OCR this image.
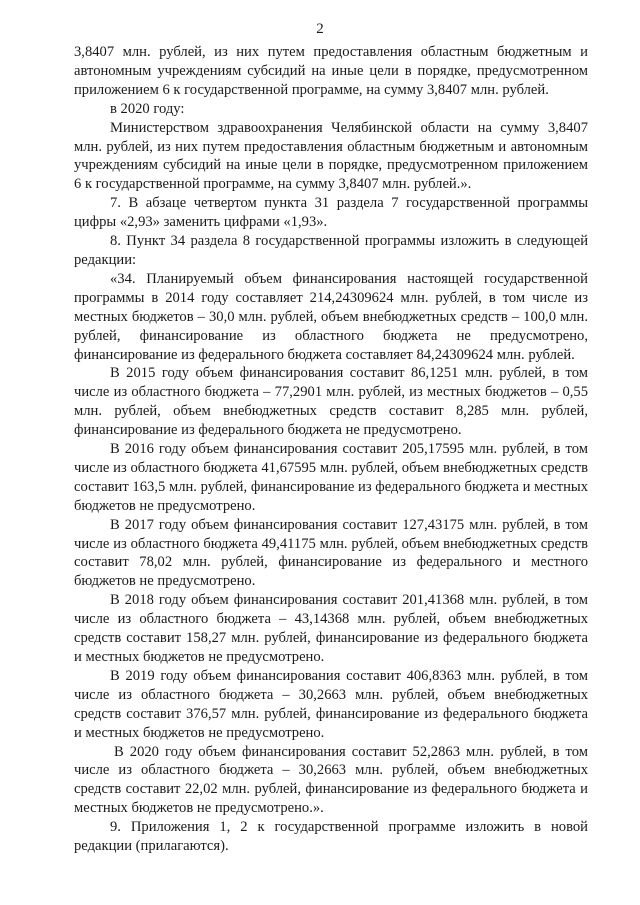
2

3,8407 млн. рублей, из них путем предоставления областным бюджетным и автономным учреждениям субсидий на иные цели в порядке, предусмотренном приложением 6 к государственной программе, на сумму 3,8407 млн. рублей.

в 2020 году:

Министерством здравоохранения Челябинской области на сумму 3,8407 млн. рублей, из них путем предоставления областным бюджетным и автономным учреждениям субсидий на иные цели в порядке, предусмотренном приложением 6 к государственной программе, на сумму 3,8407 млн. рублей.».

7. В абзаце четвертом пункта 31 раздела 7 государственной программы цифры «2,93» заменить цифрами «1,93».

8. Пункт 34 раздела 8 государственной программы изложить в следующей редакции:

«34. Планируемый объем финансирования настоящей государственной программы в 2014 году составляет 214,24309624 млн. рублей, в том числе из местных бюджетов – 30,0 млн. рублей, объем внебюджетных средств – 100,0 млн. рублей, финансирование из областного бюджета не предусмотрено, финансирование из федерального бюджета составляет 84,24309624 млн. рублей.

В 2015 году объем финансирования составит 86,1251 млн. рублей, в том числе из областного бюджета – 77,2901 млн. рублей, из местных бюджетов – 0,55 млн. рублей, объем внебюджетных средств составит 8,285 млн. рублей, финансирование из федерального бюджета не предусмотрено.

В 2016 году объем финансирования составит 205,17595 млн. рублей, в том числе из областного бюджета 41,67595 млн. рублей, объем внебюджетных средств составит 163,5 млн. рублей, финансирование из федерального бюджета и местных бюджетов не предусмотрено.

В 2017 году объем финансирования составит 127,43175 млн. рублей, в том числе из областного бюджета 49,41175 млн. рублей, объем внебюджетных средств составит 78,02 млн. рублей, финансирование из федерального и местного бюджетов не предусмотрено.

В 2018 году объем финансирования составит 201,41368 млн. рублей, в том числе из областного бюджета – 43,14368 млн. рублей, объем внебюджетных средств составит 158,27 млн. рублей, финансирование из федерального бюджета и местных бюджетов не предусмотрено.

В 2019 году объем финансирования составит 406,8363 млн. рублей, в том числе из областного бюджета – 30,2663 млн. рублей, объем внебюджетных средств составит 376,57 млн. рублей, финансирование из федерального бюджета и местных бюджетов не предусмотрено.

В 2020 году объем финансирования составит 52,2863 млн. рублей, в том числе из областного бюджета – 30,2663 млн. рублей, объем внебюджетных средств составит 22,02 млн. рублей, финансирование из федерального бюджета и местных бюджетов не предусмотрено.».

9. Приложения 1, 2 к государственной программе изложить в новой редакции (прилагаются).
